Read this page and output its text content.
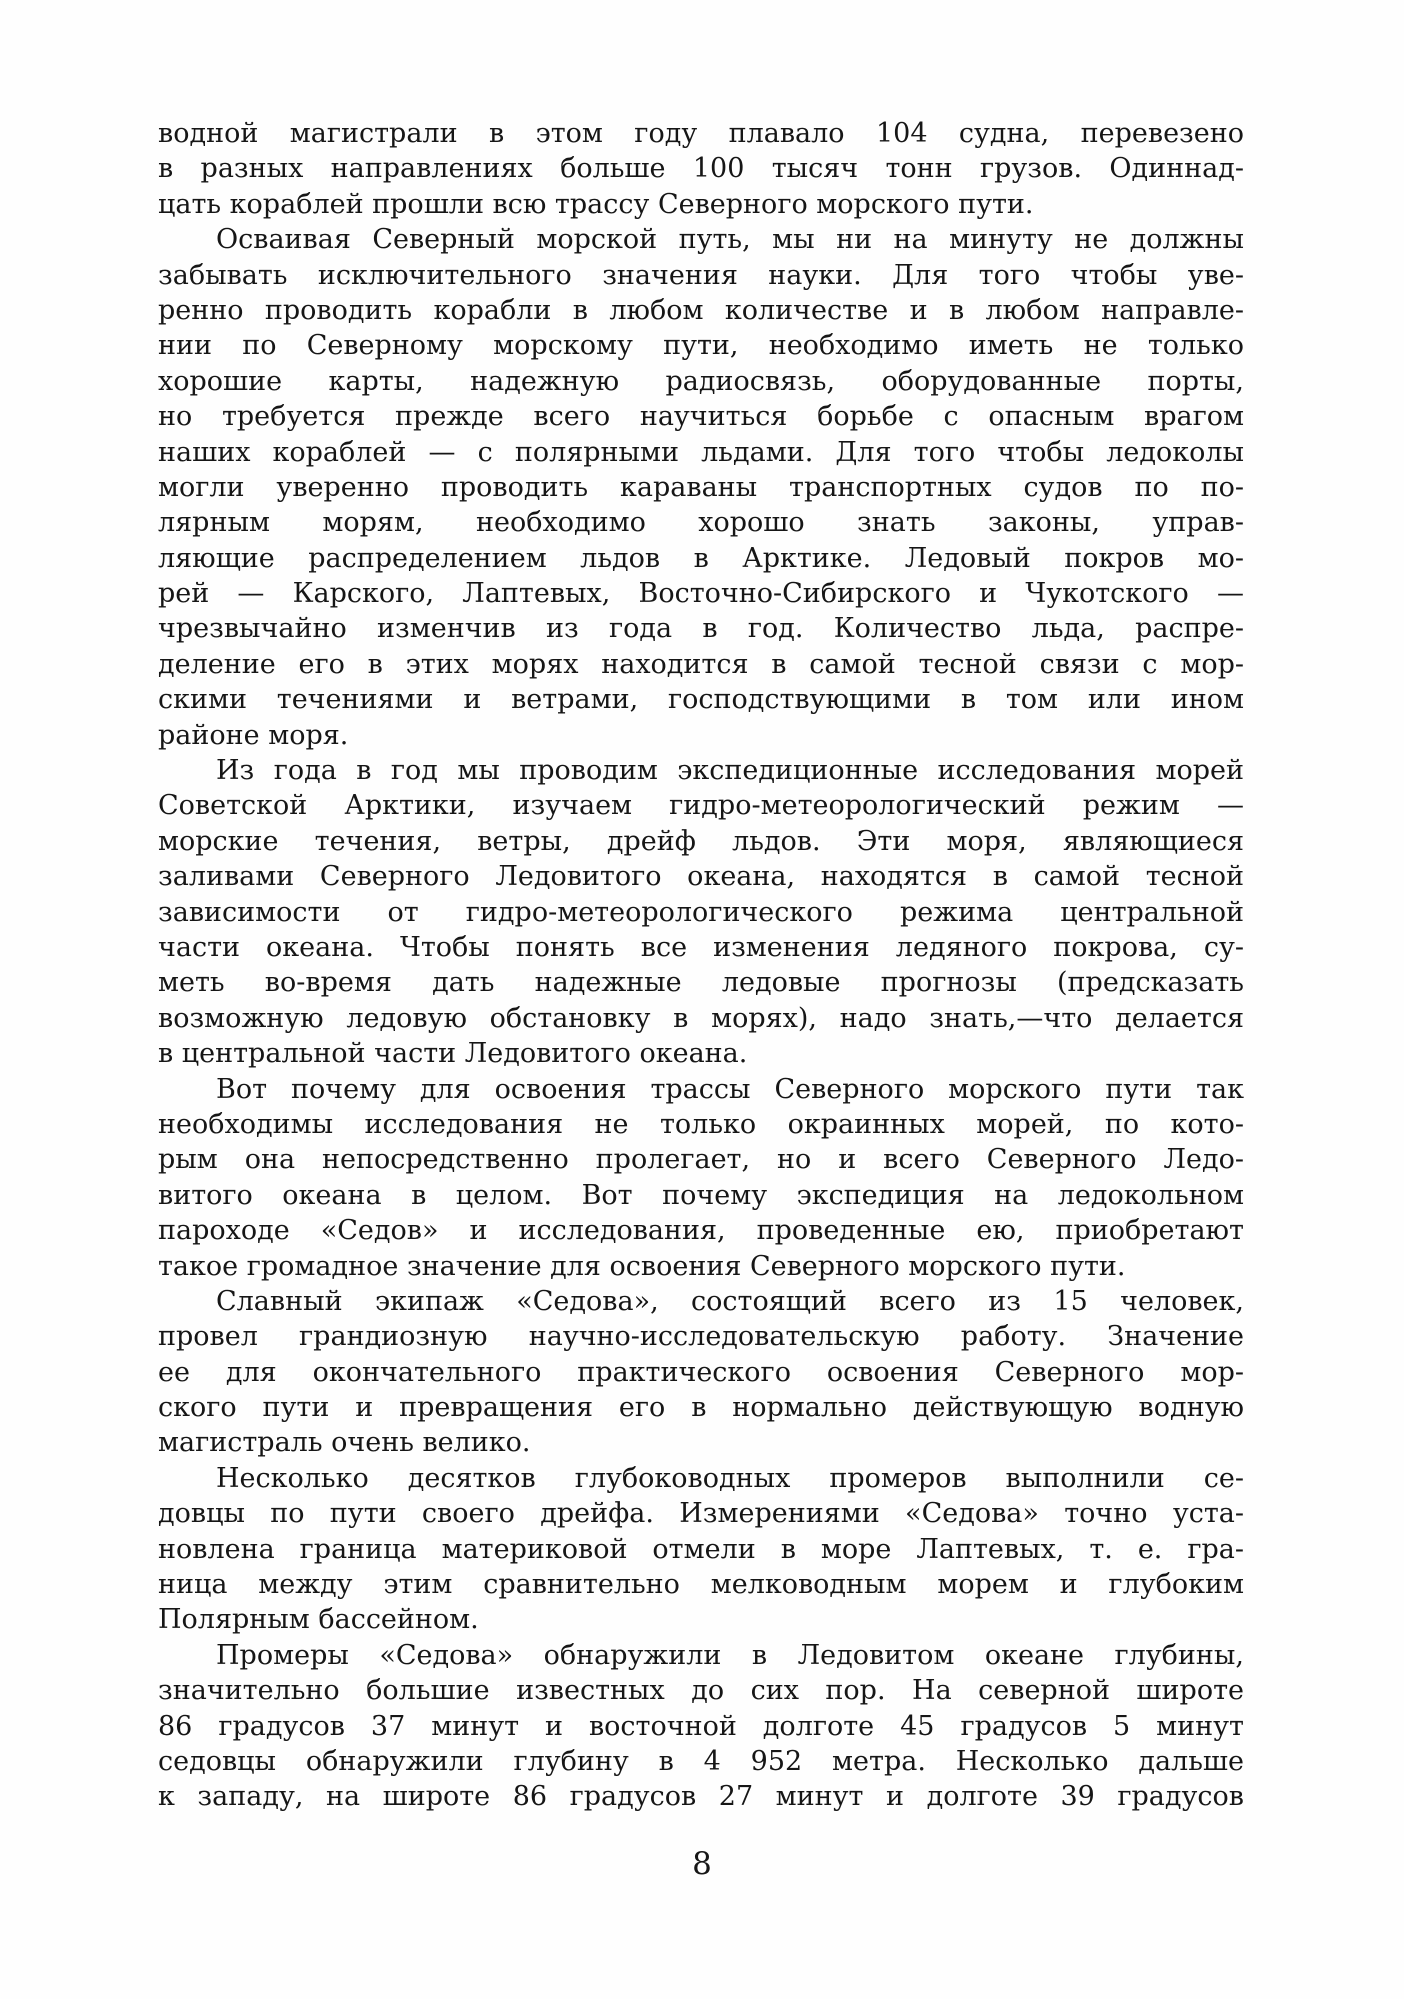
водной магистрали в этом году плавало 104 судна, перевезено
в разных направлениях больше 100 тысяч тонн грузов. Одиннад-
цать кораблей прошли всю трассу Северного морского пути.
Осваивая Северный морской путь, мы ни на минуту не должны
забывать исключительного значения науки. Для того чтобы уве-
ренно проводить корабли в любом количестве и в любом направле-
нии по Северному морскому пути, необходимо иметь не только
хорошие карты, надежную радиосвязь, оборудованные порты,
но требуется прежде всего научиться борьбе с опасным врагом
наших кораблей — с полярными льдами. Для того чтобы ледоколы
могли уверенно проводить караваны транспортных судов по по-
лярным морям, необходимо хорошо знать законы, управ-
ляющие распределением льдов в Арктике. Ледовый покров мо-
рей — Карского, Лаптевых, Восточно-Сибирского и Чукотского —
чрезвычайно изменчив из года в год. Количество льда, распре-
деление его в этих морях находится в самой тесной связи с мор-
скими течениями и ветрами, господствующими в том или ином
районе моря.
Из года в год мы проводим экспедиционные исследования морей
Советской Арктики, изучаем гидро-метеорологический режим —
морские течения, ветры, дрейф льдов. Эти моря, являющиеся
заливами Северного Ледовитого океана, находятся в самой тесной
зависимости от гидро-метеорологического режима центральной
части океана. Чтобы понять все изменения ледяного покрова, су-
меть во-время дать надежные ледовые прогнозы (предсказать
возможную ледовую обстановку в морях), надо знать,—что делается
в центральной части Ледовитого океана.
Вот почему для освоения трассы Северного морского пути так
необходимы исследования не только окраинных морей, по кото-
рым она непосредственно пролегает, но и всего Северного Ледо-
витого океана в целом. Вот почему экспедиция на ледокольном
пароходе «Седов» и исследования, проведенные ею, приобретают
такое громадное значение для освоения Северного морского пути.
Славный экипаж «Седова», состоящий всего из 15 человек,
провел грандиозную научно-исследовательскую работу. Значение
ее для окончательного практического освоения Северного мор-
ского пути и превращения его в нормально действующую водную
магистраль очень велико.
Несколько десятков глубоководных промеров выполнили се-
довцы по пути своего дрейфа. Измерениями «Седова» точно уста-
новлена граница материковой отмели в море Лаптевых, т. е. гра-
ница между этим сравнительно мелководным морем и глубоким
Полярным бассейном.
Промеры «Седова» обнаружили в Ледовитом океане глубины,
значительно большие известных до сих пор. На северной широте
86 градусов 37 минут и восточной долготе 45 градусов 5 минут
седовцы обнаружили глубину в 4 952 метра. Несколько дальше
к западу, на широте 86 градусов 27 минут и долготе 39 градусов
8
